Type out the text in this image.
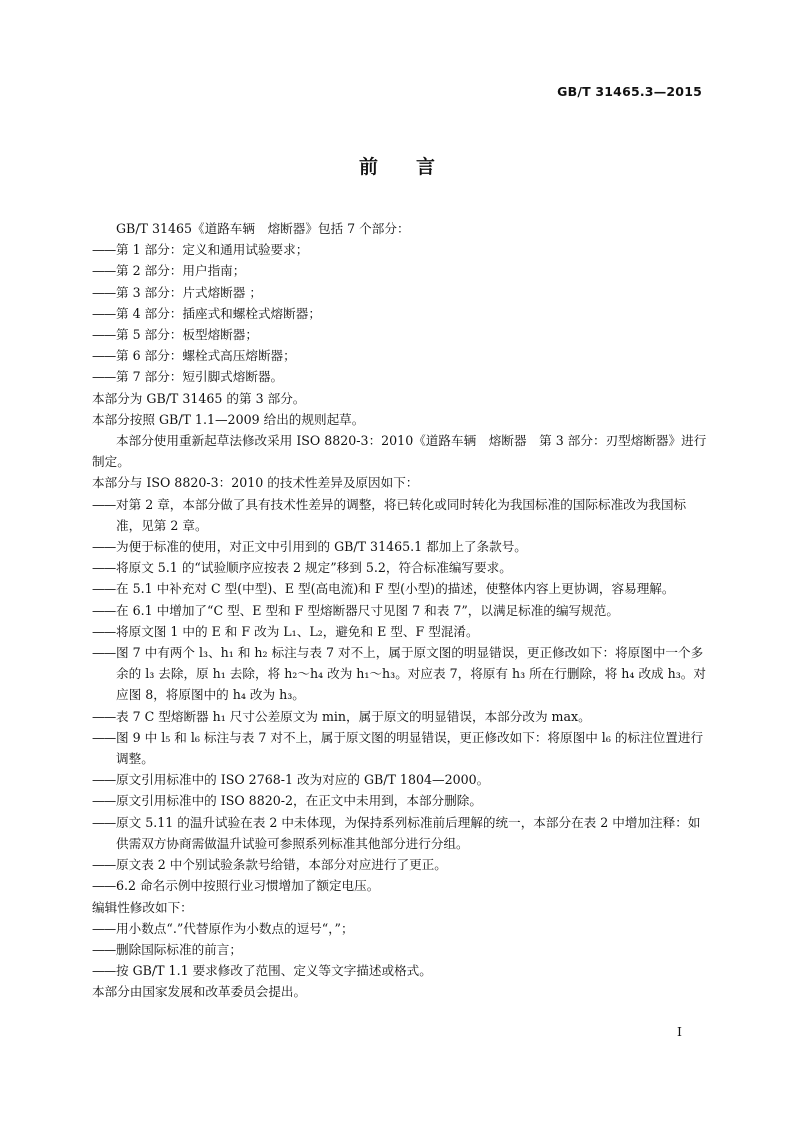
GB/T 31465.3—2015
前言

GB/T 31465《道路车辆　熔断器》包括 7 个部分：

—— 第 1 部分：定义和通用试验要求；
—— 第 2 部分：用户指南；
—— 第 3 部分：片式熔断器 ；
—— 第 4 部分：插座式和螺栓式熔断器；
—— 第 5 部分：板型熔断器；
—— 第 6 部分：螺栓式高压熔断器；
—— 第 7 部分：短引脚式熔断器。

本部分为 GB/T 31465 的第 3 部分。

本部分按照 GB/T 1.1—2009 给出的规则起草。

本部分使用重新起草法修改采用 ISO 8820-3：2010《道路车辆　熔断器　第 3 部分：刃型熔断器》进行制定。

本部分与 ISO 8820-3：2010 的技术性差异及原因如下：

—— 对第 2 章，本部分做了具有技术性差异的调整，将已转化或同时转化为我国标准的国际标准改为我国标准，见第 2 章。
—— 为便于标准的使用，对正文中引用到的 GB/T 31465.1 都加上了条款号。
—— 将原文 5.1 的“试验顺序应按表 2 规定”移到 5.2，符合标准编写要求。
—— 在 5.1 中补充对 C 型(中型)、E 型(高电流)和 F 型(小型)的描述，使整体内容上更协调，容易理解。
—— 在 6.1 中增加了“C 型、E 型和 F 型熔断器尺寸见图 7 和表 7”，以满足标准的编写规范。
—— 将原文图 1 中的 E 和 F 改为 L₁、L₂，避免和 E 型、F 型混淆。
—— 图 7 中有两个 l₃、h₁ 和 h₂ 标注与表 7 对不上，属于原文图的明显错误，更正修改如下：将原图中一个多余的 l₃ 去除，原 h₁ 去除，将 h₂～h₄ 改为 h₁～h₃。对应表 7，将原有 h₃ 所在行删除，将 h₄ 改成 h₃。对应图 8，将原图中的 h₄ 改为 h₃。
—— 表 7 C 型熔断器 h₁ 尺寸公差原文为 min，属于原文的明显错误，本部分改为 max。
—— 图 9 中 l₅ 和 l₆ 标注与表 7 对不上，属于原文图的明显错误，更正修改如下：将原图中 l₆ 的标注位置进行调整。
—— 原文引用标准中的 ISO 2768-1 改为对应的 GB/T 1804—2000。
—— 原文引用标准中的 ISO 8820-2，在正文中未用到，本部分删除。
—— 原文 5.11 的温升试验在表 2 中未体现，为保持系列标准前后理解的统一，本部分在表 2 中增加注释：如供需双方协商需做温升试验可参照系列标准其他部分进行分组。
—— 原文表 2 中个别试验条款号给错，本部分对应进行了更正。
—— 6.2 命名示例中按照行业习惯增加了额定电压。

编辑性修改如下：

—— 用小数点“.”代替原作为小数点的逗号“，”；
—— 删除国际标准的前言；
—— 按 GB/T 1.1 要求修改了范围、定义等文字描述或格式。

本部分由国家发展和改革委员会提出。

I
